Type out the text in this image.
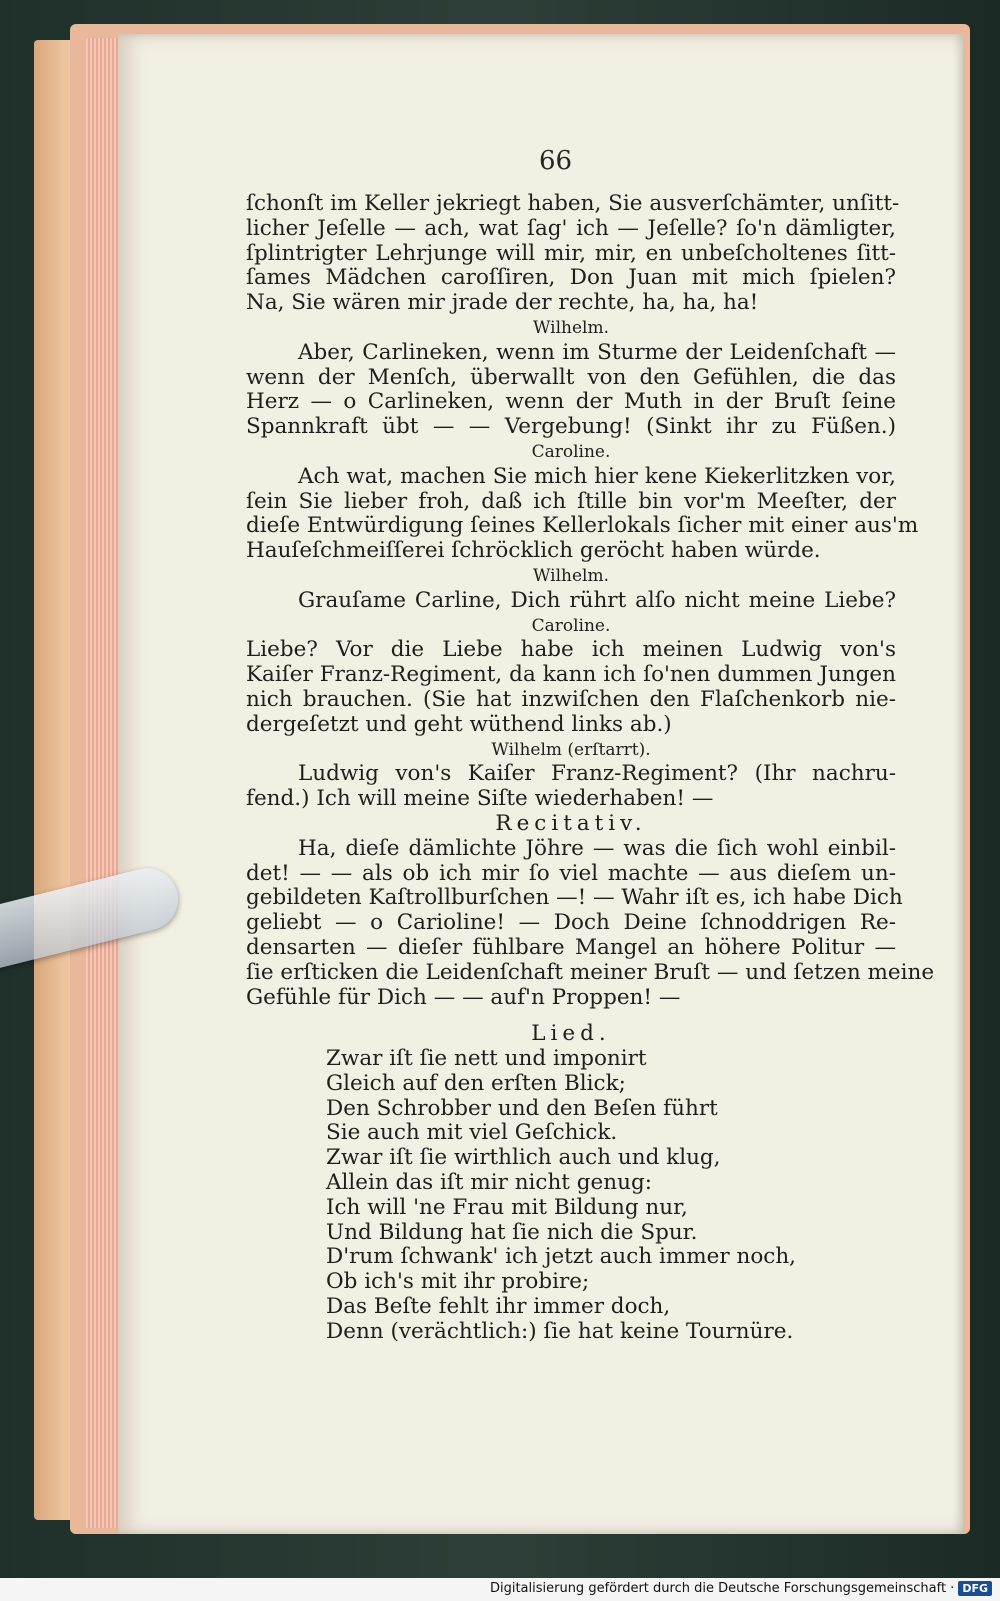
66
ſchonſt im Keller jekriegt haben, Sie ausverſchämter, unſitt-
licher Jeſelle — ach, wat ſag' ich — Jeſelle? ſo'n dämligter,
ſplintrigter Lehrjunge will mir, mir, en unbeſcholtenes ſitt-
ſames Mädchen caroſſiren, Don Juan mit mich ſpielen?
Na, Sie wären mir jrade der rechte, ha, ha, ha!
Wilhelm.
Aber, Carlineken, wenn im Sturme der Leidenſchaft —
wenn der Menſch, überwallt von den Gefühlen, die das
Herz — o Carlineken, wenn der Muth in der Bruſt ſeine
Spannkraft übt — — Vergebung! (Sinkt ihr zu Füßen.)
Caroline.
Ach wat, machen Sie mich hier kene Kiekerlitzken vor,
ſein Sie lieber froh, daß ich ſtille bin vor'm Meeſter, der
dieſe Entwürdigung ſeines Kellerlokals ſicher mit einer aus'm
Hauſeſchmeiſſerei ſchröcklich geröcht haben würde.
Wilhelm.
Grauſame Carline, Dich rührt alſo nicht meine Liebe?
Caroline.
Liebe? Vor die Liebe habe ich meinen Ludwig von's
Kaiſer Franz-Regiment, da kann ich ſo'nen dummen Jungen
nich brauchen. (Sie hat inzwiſchen den Flaſchenkorb nie-
dergeſetzt und geht wüthend links ab.)
Wilhelm (erſtarrt).
Ludwig von's Kaiſer Franz-Regiment? (Ihr nachru-
fend.) Ich will meine Siſte wiederhaben! —
Recitativ.
Ha, dieſe dämlichte Jöhre — was die ſich wohl einbil-
det! — — als ob ich mir ſo viel machte — aus dieſem un-
gebildeten Kaſtrollburſchen —! — Wahr iſt es, ich habe Dich
geliebt — o Carioline! — Doch Deine ſchnoddrigen Re-
densarten — dieſer fühlbare Mangel an höhere Politur —
ſie erſticken die Leidenſchaft meiner Bruſt — und ſetzen meine
Gefühle für Dich — — auf'n Proppen! —
Lied.
Zwar iſt ſie nett und imponirt
Gleich auf den erſten Blick;
Den Schrobber und den Beſen führt
Sie auch mit viel Geſchick.
Zwar iſt ſie wirthlich auch und klug,
Allein das iſt mir nicht genug:
Ich will 'ne Frau mit Bildung nur,
Und Bildung hat ſie nich die Spur.
D'rum ſchwank' ich jetzt auch immer noch,
Ob ich's mit ihr probire;
Das Beſte fehlt ihr immer doch,
Denn (verächtlich:) ſie hat keine Tournüre.
Digitalisierung gefördert durch die Deutsche Forschungsgemeinschaft · DFG
